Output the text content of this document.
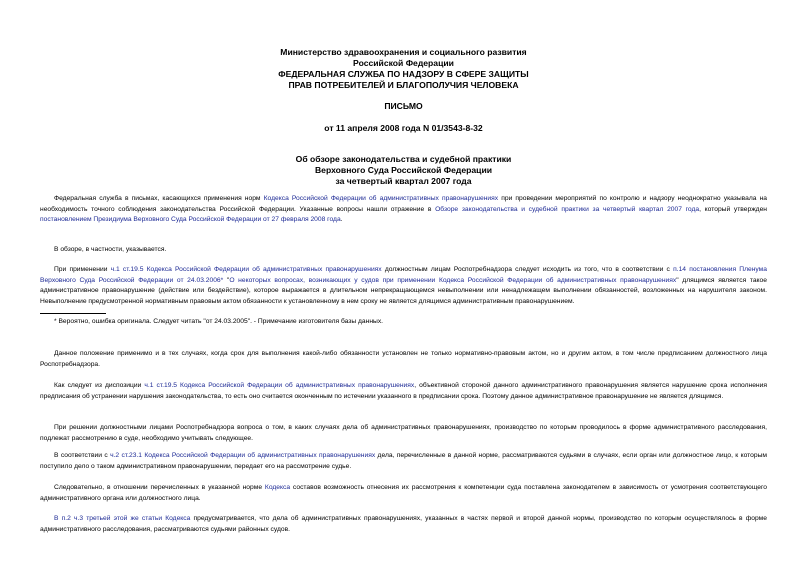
Министерство здравоохранения и социального развития
Российской Федерации
ФЕДЕРАЛЬНАЯ СЛУЖБА ПО НАДЗОРУ В СФЕРЕ ЗАЩИТЫ
ПРАВ ПОТРЕБИТЕЛЕЙ И БЛАГОПОЛУЧИЯ ЧЕЛОВЕКА
ПИСЬМО
от 11 апреля 2008 года N 01/3543-8-32
Об обзоре законодательства и судебной практики
Верховного Суда Российской Федерации
за четвертый квартал 2007 года
Федеральная служба в письмах, касающихся применения норм Кодекса Российской Федерации об административных правонарушениях при проведении мероприятий по контролю и надзору неоднократно указывала на необходимость точного соблюдения законодательства Российской Федерации. Указанные вопросы нашли отражение в Обзоре законодательства и судебной практики за четвертый квартал 2007 года, который утвержден постановлением Президиума Верховного Суда Российской Федерации от 27 февраля 2008 года.
В обзоре, в частности, указывается.
При применении ч.1 ст.19.5 Кодекса Российской Федерации об административных правонарушениях должностным лицам Роспотребнадзора следует исходить из того, что в соответствии с п.14 постановления Пленума Верховного Суда Российской Федерации от 24.03.2006* "О некоторых вопросах, возникающих у судов при применении Кодекса Российской Федерации об административных правонарушениях" длящимся является такое административное правонарушение (действие или бездействие), которое выражается в длительном непрекращающемся невыполнении или ненадлежащем выполнении обязанностей, возложенных на нарушителя законом. Невыполнение предусмотренной нормативным правовым актом обязанности к установленному в нем сроку не является длящимся административным правонарушением.
* Вероятно, ошибка оригинала. Следует читать "от 24.03.2005". - Примечание изготовителя базы данных.
Данное положение применимо и в тех случаях, когда срок для выполнения какой-либо обязанности установлен не только нормативно-правовым актом, но и другим актом, в том числе предписанием должностного лица Роспотребнадзора.
Как следует из диспозиции ч.1 ст.19.5 Кодекса Российской Федерации об административных правонарушениях, объективной стороной данного административного правонарушения является нарушение срока исполнения предписания об устранении нарушения законодательства, то есть оно считается оконченным по истечении указанного в предписании срока. Поэтому данное административное правонарушение не является длящимся.
При решении должностными лицами Роспотребнадзора вопроса о том, в каких случаях дела об административных правонарушениях, производство по которым проводилось в форме административного расследования, подлежат рассмотрению в суде, необходимо учитывать следующее.
В соответствии с ч.2 ст.23.1 Кодекса Российской Федерации об административных правонарушениях дела, перечисленные в данной норме, рассматриваются судьями в случаях, если орган или должностное лицо, к которым поступило дело о таком административном правонарушении, передает его на рассмотрение судье.
Следовательно, в отношении перечисленных в указанной норме Кодекса составов возможность отнесения их рассмотрения к компетенции суда поставлена законодателем в зависимость от усмотрения соответствующего административного органа или должностного лица.
В п.2 ч.3 третьей этой же статьи Кодекса предусматривается, что дела об административных правонарушениях, указанных в частях первой и второй данной нормы, производство по которым осуществлялось в форме административного расследования, рассматриваются судьями районных судов.
